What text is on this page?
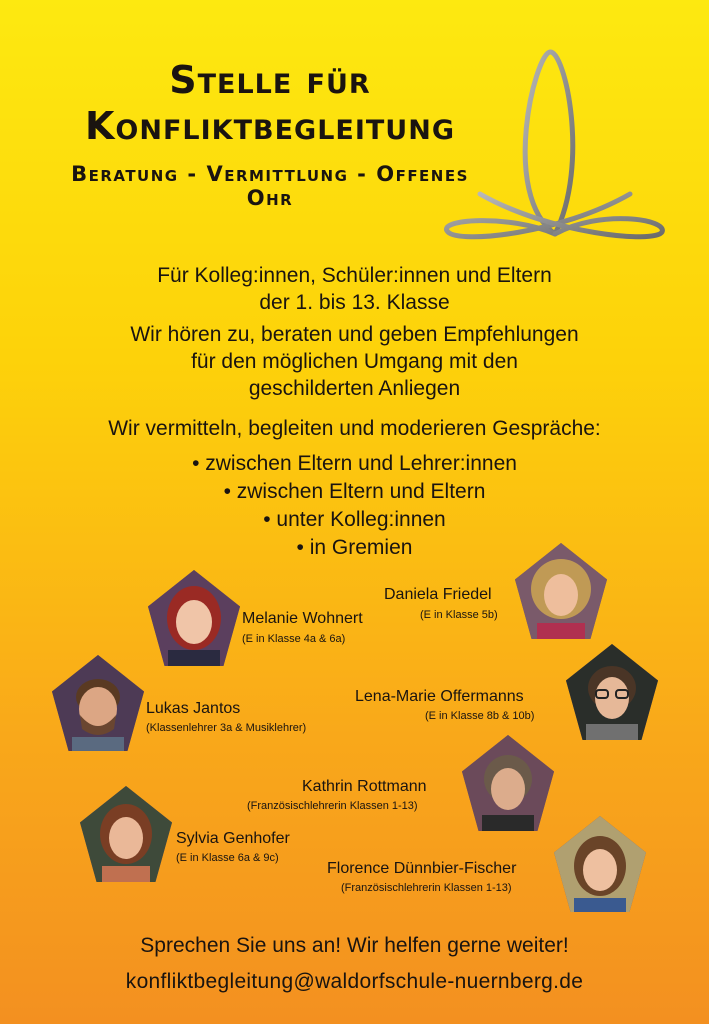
Stelle für
Konfliktbegleitung

Beratung - Vermittlung - Offenes Ohr

Für Kolleg:innen, Schüler:innen und Eltern
der 1. bis 13. Klasse

Wir hören zu, beraten und geben Empfehlungen
für den möglichen Umgang mit den
geschilderten Anliegen

Wir vermitteln, begleiten und moderieren Gespräche:

• zwischen Eltern und Lehrer:innen
• zwischen Eltern und Eltern
• unter Kolleg:innen
• in Gremien

Melanie Wohnert

(E in Klasse 4a & 6a)

Daniela Friedel

(E in Klasse 5b)

Lukas Jantos

(Klassenlehrer 3a & Musiklehrer)

Lena-Marie Offermanns

(E in Klasse 8b & 10b)

Kathrin Rottmann

(Französischlehrerin Klassen 1-13)

Sylvia Genhofer

(E in Klasse 6a & 9c)

Florence Dünnbier-Fischer

(Französischlehrerin Klassen 1-13)

Sprechen Sie uns an! Wir helfen gerne weiter!

konfliktbegleitung@waldorfschule-nuernberg.de
